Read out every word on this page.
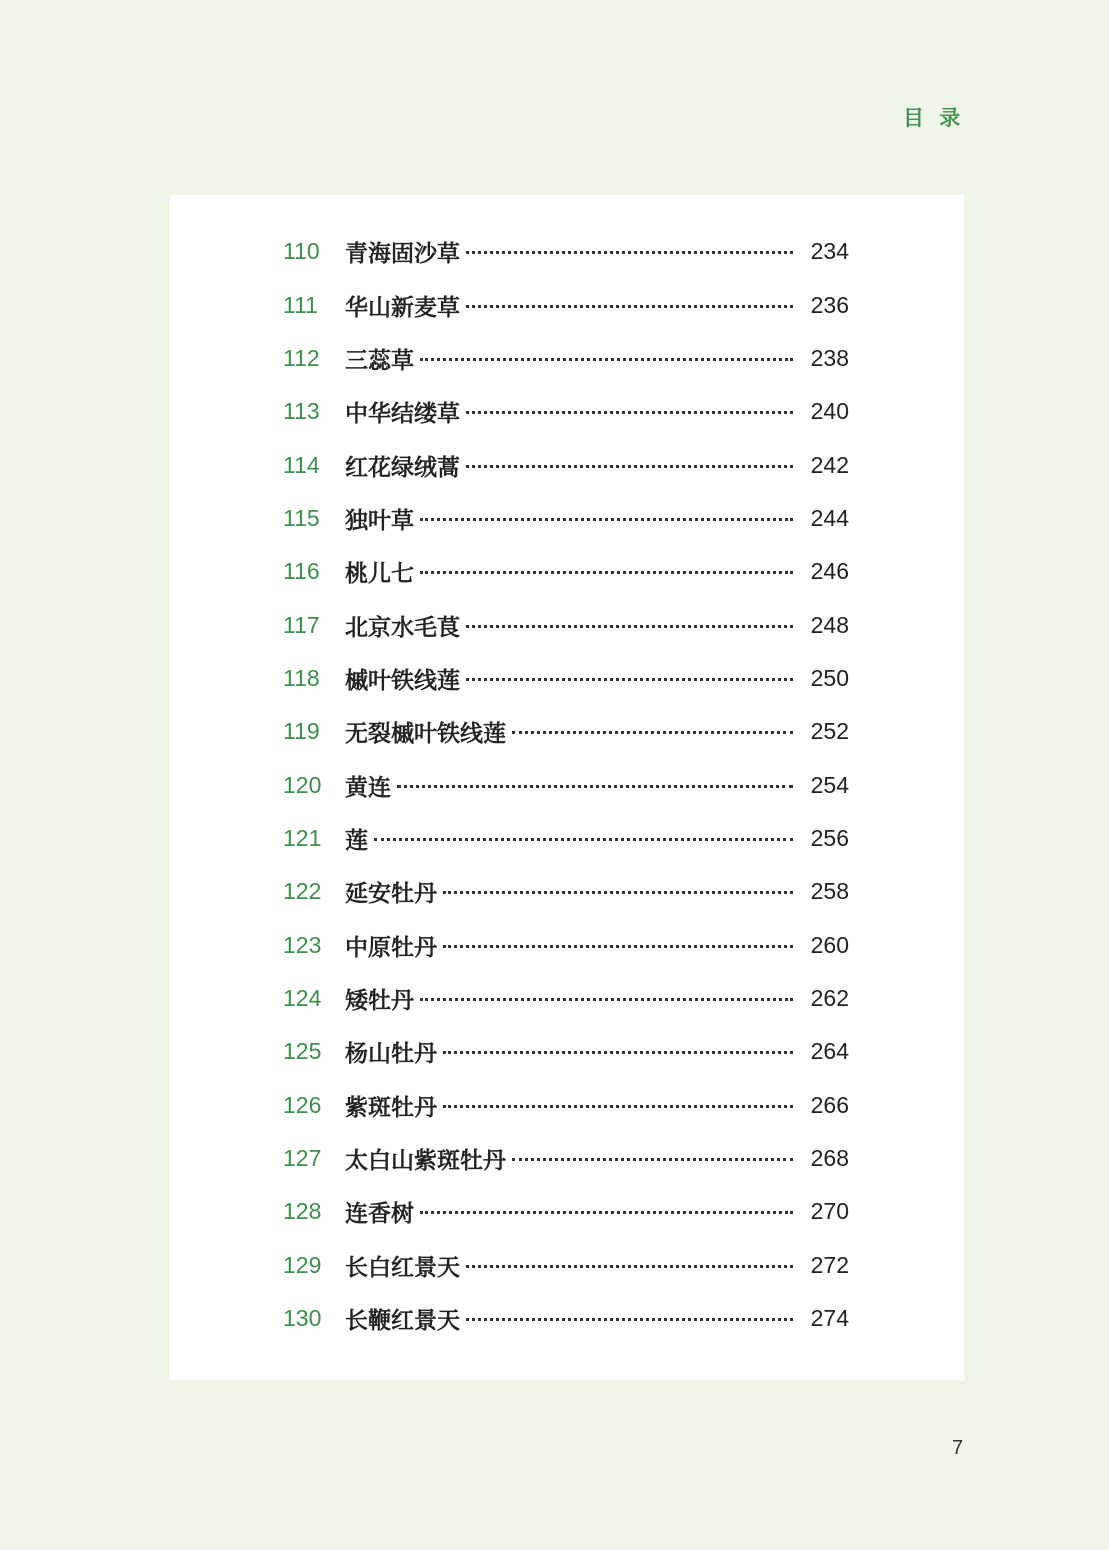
目 录
110	青海固沙草	234
111	华山新麦草	236
112	三蕊草	238
113	中华结缕草	240
114	红花绿绒蒿	242
115	独叶草	244
116	桃儿七	246
117	北京水毛茛	248
118	槭叶铁线莲	250
119	无裂槭叶铁线莲	252
120	黄连	254
121	莲	256
122	延安牡丹	258
123	中原牡丹	260
124	矮牡丹	262
125	杨山牡丹	264
126	紫斑牡丹	266
127	太白山紫斑牡丹	268
128	连香树	270
129	长白红景天	272
130	长鞭红景天	274
7
